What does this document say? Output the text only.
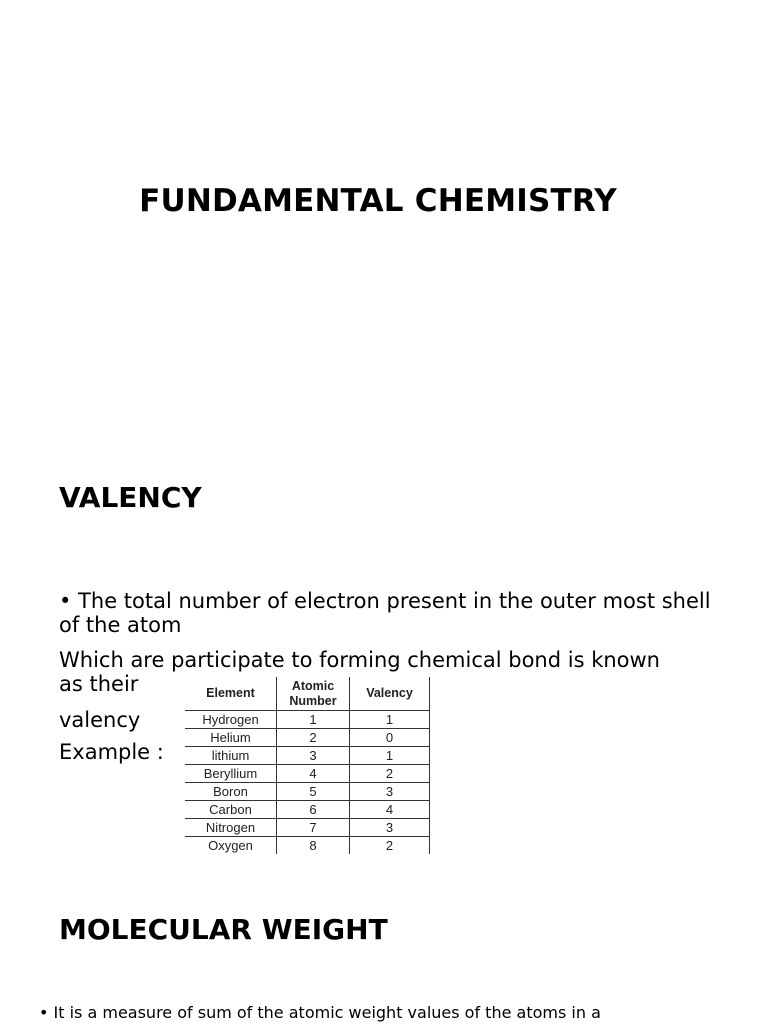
FUNDAMENTAL CHEMISTRY
VALENCY
• The total number of electron present in the outer most shell of the atom
Which are participate to forming chemical bond is known
as their
valency
Example :
Element	Atomic Number	Valency
Hydrogen	1	1
Helium	2	0
lithium	3	1
Beryllium	4	2
Boron	5	3
Carbon	6	4
Nitrogen	7	3
Oxygen	8	2
MOLECULAR WEIGHT
• It is a measure of sum of the atomic weight values of the atoms in a
